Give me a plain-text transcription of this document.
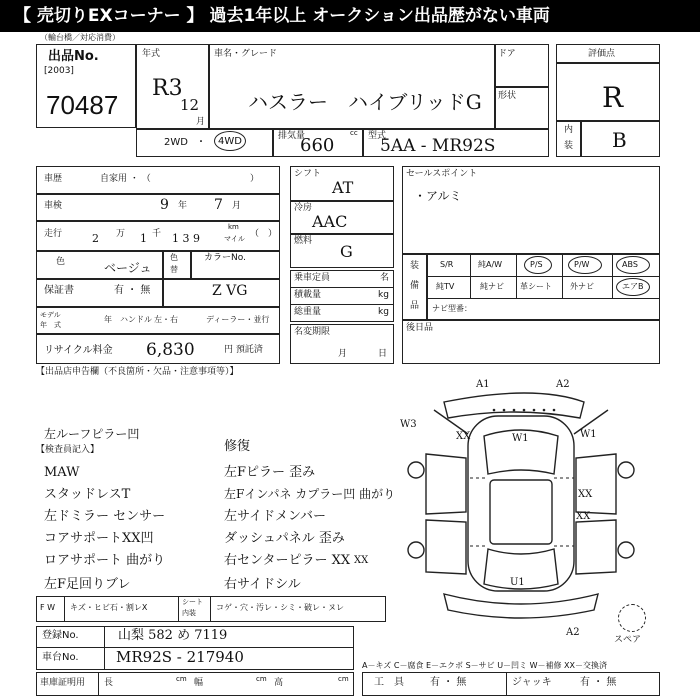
【 売切りEXコーナー 】 過去1年以上 オークション出品歴がない車両
（輸台橋／対応消費）
出品No.
[2003]
70487
年式
R3
12
月
車名・グレード
ハスラー　ハイブリッドG
ドア
形状
2WD ・ 4WD	排気量
660
cc 型式
5AA - MR92S
評価点
R
内
装 B
車歴	自家用 ・ （	）
車検	9 年 7 月
走行	2 万 1 千 1 3 9
km
マイル （　）
色	ベージュ
色
替
カラーNo.
保証書	有 ・ 無	Z VG
モデル
年　式
年 ハンドル 左・右	ディーラー・並行
リサイクル料金 6,830	円 預託済
シフト
AT
冷房
AAC
燃料
G
乗車定員	名
積載量	kg
総重量	kg
名変期限
月	日
セールスポイント
・アルミ
装
備
品
S/R	純A/W	P/S	P/W	ABS
純TV	純ナビ 革シート 外ナビ	エアB
ナビ型番：
後日品
【出品店申告欄（不良箇所・欠品・注意事項等）】
左ルーフピラー凹
【検査員記入】
MAW
スタッドレスT
左ドミラー センサー
コアサポートXX凹
ロアサポート 曲がり
左F足回りブレ
修復
左Fピラー 歪み
左Fインパネ カプラー凹 曲がり
左サイドメンバー
ダッシュパネル 歪み
右センターピラー XX
右サイドシル
F W キズ・ヒビ石・割レX
シート
内装
コゲ・穴・汚レ・シミ・破レ・ヌレ
A1	A2
W3
XX	W1	W1
XX
XX
XX
U1
A2
スペア
登録No.	山梨 582 め 7119
車台No. MR92S - 217940	A－キズ C－腐食 E－エクボ S－サビ U－凹ミ W－補修 XX－交換済
車庫証明用 長	cm 幅	cm 高	cm	工　具	有 ・ 無	ジャッキ	有 ・ 無
